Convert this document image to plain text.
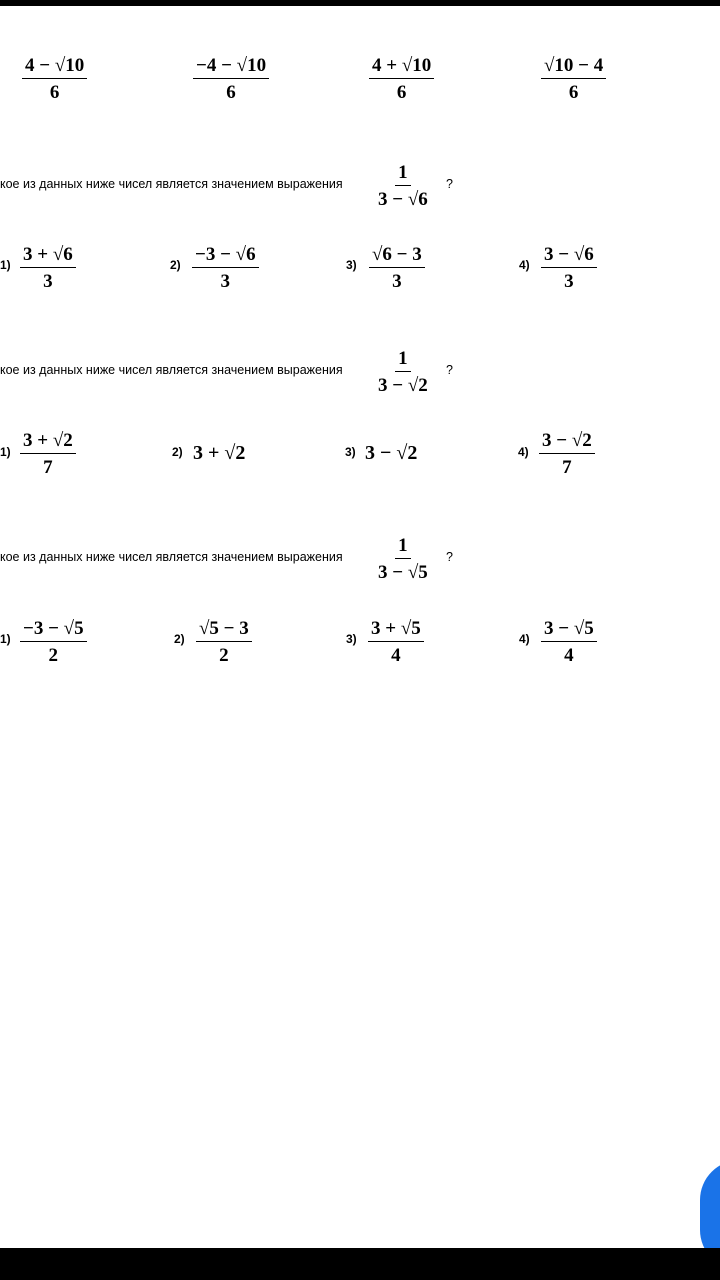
$\frac{4 - √10}{6}$	$\frac{-4 - √10}{6}$	$\frac{4 + √10}{6}$	$\frac{√10 - 4}{6}$
кое из данных ниже чисел является значением выражения $\frac{1}{3 - √6}$ ?
$1) \frac{3 + √6}{3}$	$2) \frac{-3 - √6}{3}$	$3) \frac{√6 - 3}{3}$	$4) \frac{3 - √6}{3}$
кое из данных ниже чисел является значением выражения $\frac{1}{3 - √2}$ ?
$1) \frac{3 + √2}{7}$	2) 3 + √2	3) 3 − √2	$4) \frac{3 - √2}{7}$
кое из данных ниже чисел является значением выражения $\frac{1}{3 - √5}$ ?
$1) \frac{-3 - √5}{2}$	$2) \frac{√5 - 3}{2}$	$3) \frac{3 + √5}{4}$	$4) \frac{3 - √5}{4}$
